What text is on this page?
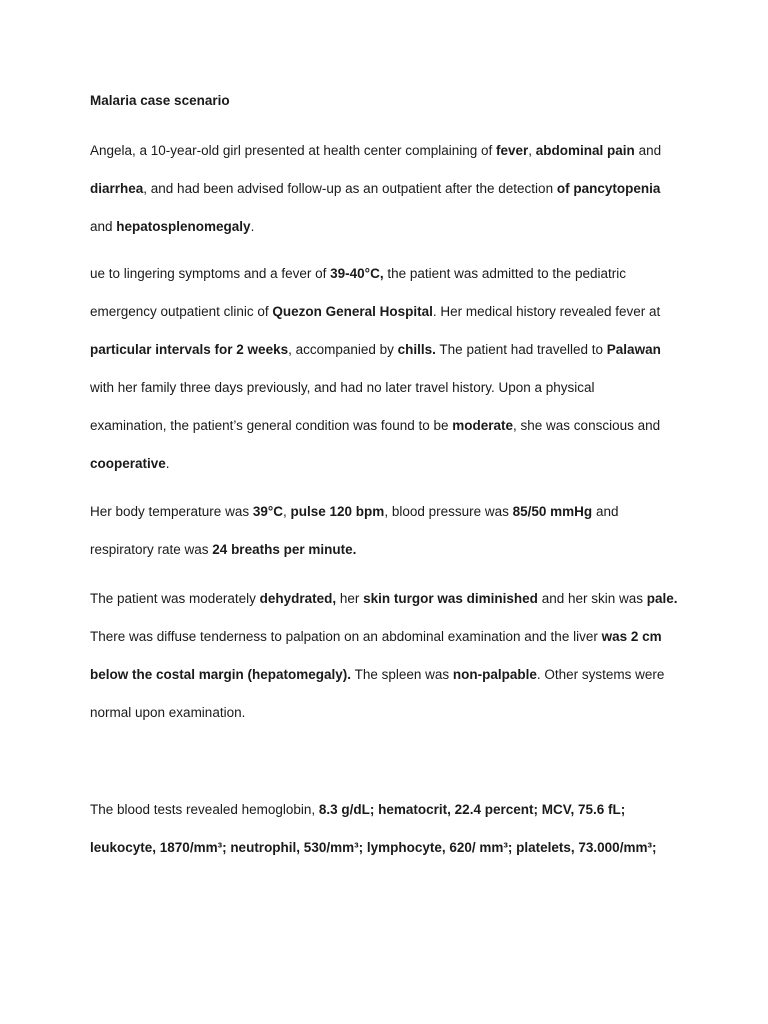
Malaria case scenario
Angela, a 10-year-old girl presented at health center complaining of fever, abdominal pain and
diarrhea, and had been advised follow-up as an outpatient after the detection of pancytopenia
and hepatosplenomegaly.
ue to lingering symptoms and a fever of 39-40°C, the patient was admitted to the pediatric
emergency outpatient clinic of Quezon General Hospital. Her medical history revealed fever at
particular intervals for 2 weeks, accompanied by chills. The patient had travelled to Palawan
with her family three days previously, and had no later travel history. Upon a physical
examination, the patient’s general condition was found to be moderate, she was conscious and
cooperative.
Her body temperature was 39°C, pulse 120 bpm, blood pressure was 85/50 mmHg and
respiratory rate was 24 breaths per minute.
The patient was moderately dehydrated, her skin turgor was diminished and her skin was pale.
There was diffuse tenderness to palpation on an abdominal examination and the liver was 2 cm
below the costal margin (hepatomegaly). The spleen was non-palpable. Other systems were
normal upon examination.
The blood tests revealed hemoglobin, 8.3 g/dL; hematocrit, 22.4 percent; MCV, 75.6 fL;
leukocyte, 1870/mm³; neutrophil, 530/mm³; lymphocyte, 620/ mm³; platelets, 73.000/mm³;
